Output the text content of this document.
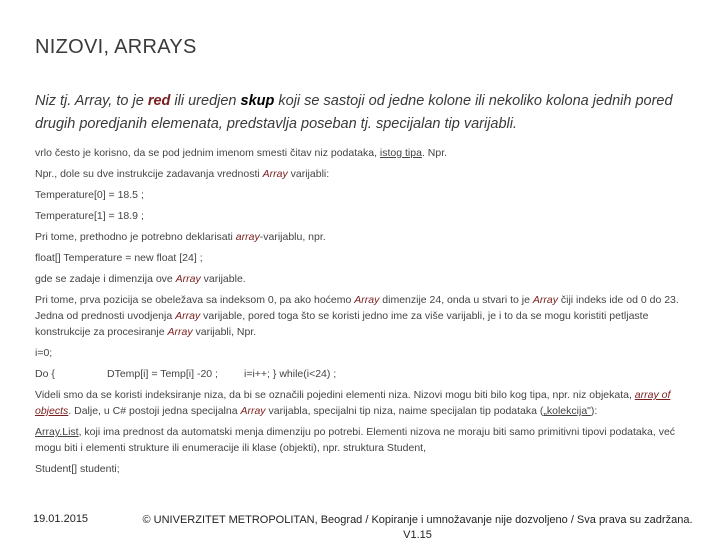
NIZOVI, ARRAYS
Niz tj. Array, to je red ili uredjen skup koji se sastoji od jedne kolone ili nekoliko kolona jednih pored drugih poredjanih elemenata, predstavlja poseban tj. specijalan tip varijabli.

vrlo često je korisno, da se pod jednim imenom smesti čitav niz podataka, istog tipa. Npr.

Npr., dole su dve instrukcije zadavanja vrednosti Array varijabli:

Temperature[0] = 18.5 ;

Temperature[1] = 18.9 ;

Pri tome, prethodno je potrebno deklarisati array-varijablu, npr.

float[] Temperature = new float [24] ;

gde se zadaje i dimenzija ove Array varijable.

Pri tome, prva pozicija se obeležava sa indeksom 0, pa ako hoćemo Array dimenzije 24, onda u stvari to je Array čiji indeks ide od 0 do 23. Jedna od prednosti uvodjenja Array varijable, pored toga što se koristi jedno ime za više varijabli, je i to da se mogu koristiti petljaste konstrukcije za procesiranje Array varijabli, Npr.

i=0;

Do {	DTemp[i] = Temp[i] -20 ; i=i++; } while(i<24) ;

Videli smo da se koristi indeksiranje niza, da bi se označili pojedini elementi niza. Nizovi mogu biti bilo kog tipa, npr. niz objekata, array of objects. Dalje, u C# postoji jedna specijalna Array varijabla, specijalni tip niza, naime specijalan tip podataka („kolekcija"):

Array.List, koji ima prednost da automatski menja dimenziju po potrebi. Elementi nizova ne moraju biti samo primitivni tipovi podataka, već mogu biti i elementi strukture ili enumeracije ili klase (objekti), npr. struktura Student,

Student[] studenti;

19.01.2015	© UNIVERZITET METROPOLITAN, Beograd / Kopiranje i umnožavanje nije dozvoljeno / Sva prava su zadržana.
V1.15
